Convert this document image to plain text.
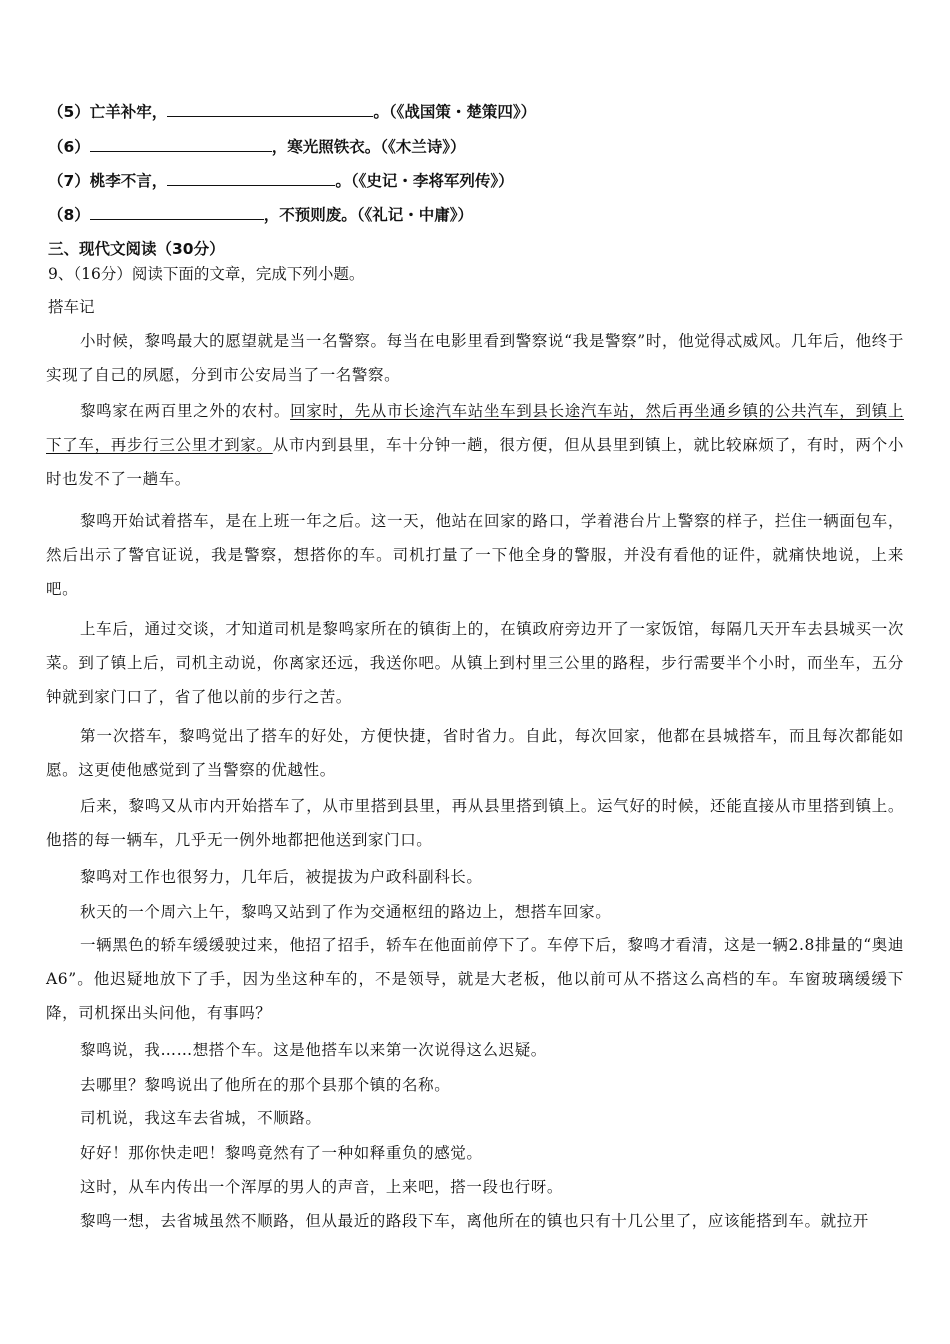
（5）亡羊补牢，	。（《战国策・楚策四》）
（6）	，寒光照铁衣。（《木兰诗》）
（7）桃李不言，	。（《史记・李将军列传》）
（8）	，不预则废。（《礼记・中庸》）
三、现代文阅读（30分）
9、（16分）阅读下面的文章，完成下列小题。
搭车记
小时候，黎鸣最大的愿望就是当一名警察。每当在电影里看到警察说“我是警察”时，他觉得忒威风。几年后，他终于实现了自己的夙愿，分到市公安局当了一名警察。
黎鸣家在两百里之外的农村。回家时，先从市长途汽车站坐车到县长途汽车站，然后再坐通乡镇的公共汽车，到镇上下了车，再步行三公里才到家。从市内到县里，车十分钟一趟，很方便，但从县里到镇上，就比较麻烦了，有时，两个小时也发不了一趟车。
黎鸣开始试着搭车，是在上班一年之后。这一天，他站在回家的路口，学着港台片上警察的样子，拦住一辆面包车，然后出示了警官证说，我是警察，想搭你的车。司机打量了一下他全身的警服，并没有看他的证件，就痛快地说，上来吧。
上车后，通过交谈，才知道司机是黎鸣家所在的镇街上的，在镇政府旁边开了一家饭馆，每隔几天开车去县城买一次菜。到了镇上后，司机主动说，你离家还远，我送你吧。从镇上到村里三公里的路程，步行需要半个小时，而坐车，五分钟就到家门口了，省了他以前的步行之苦。
第一次搭车，黎鸣觉出了搭车的好处，方便快捷，省时省力。自此，每次回家，他都在县城搭车，而且每次都能如愿。这更使他感觉到了当警察的优越性。
后来，黎鸣又从市内开始搭车了，从市里搭到县里，再从县里搭到镇上。运气好的时候，还能直接从市里搭到镇上。他搭的每一辆车，几乎无一例外地都把他送到家门口。
黎鸣对工作也很努力，几年后，被提拔为户政科副科长。
秋天的一个周六上午，黎鸣又站到了作为交通枢纽的路边上，想搭车回家。
一辆黑色的轿车缓缓驶过来，他招了招手，轿车在他面前停下了。车停下后，黎鸣才看清，这是一辆2.8排量的“奥迪A6”。他迟疑地放下了手，因为坐这种车的，不是领导，就是大老板，他以前可从不搭这么高档的车。车窗玻璃缓缓下降，司机探出头问他，有事吗？
黎鸣说，我……想搭个车。这是他搭车以来第一次说得这么迟疑。
去哪里？黎鸣说出了他所在的那个县那个镇的名称。
司机说，我这车去省城，不顺路。
好好！那你快走吧！黎鸣竟然有了一种如释重负的感觉。
这时，从车内传出一个浑厚的男人的声音，上来吧，搭一段也行呀。
黎鸣一想，去省城虽然不顺路，但从最近的路段下车，离他所在的镇也只有十几公里了，应该能搭到车。就拉开
